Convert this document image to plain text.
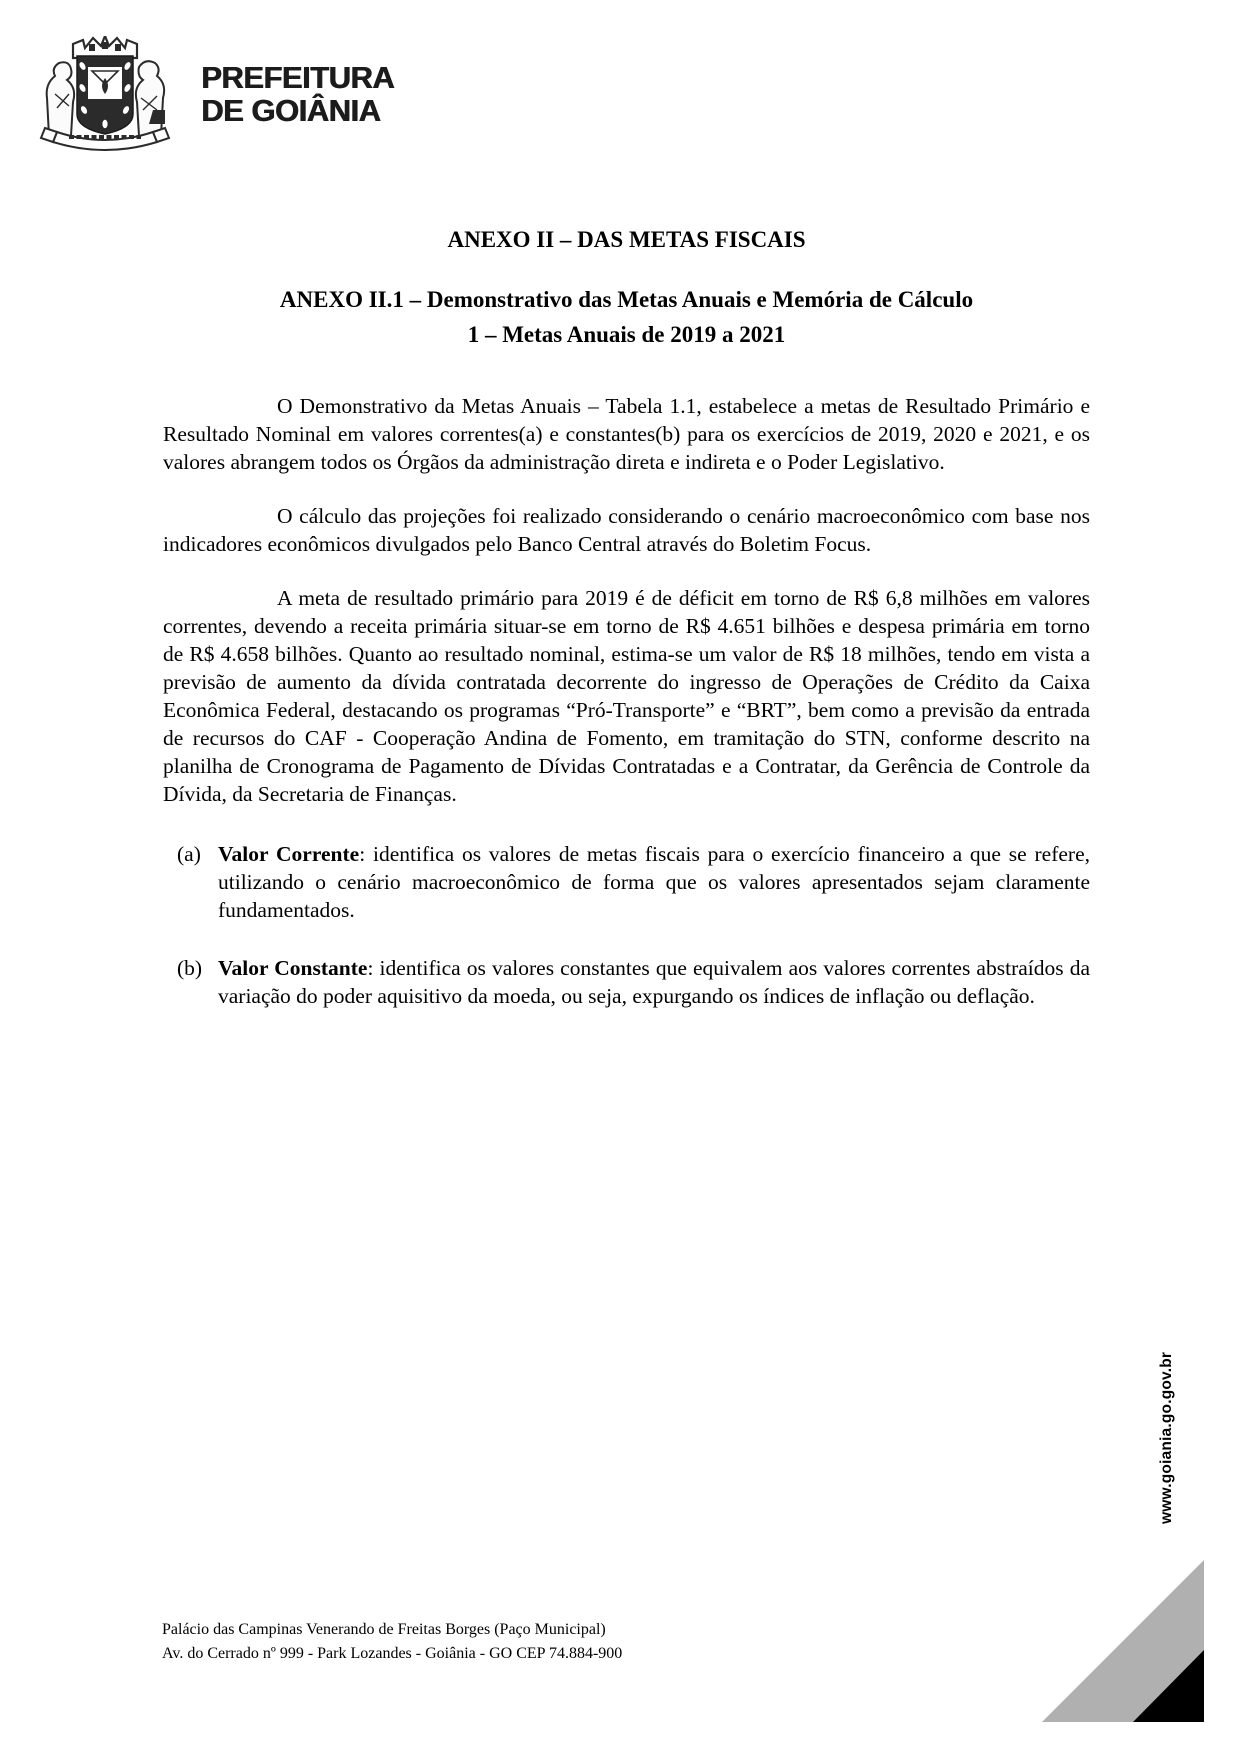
PREFEITURA
DE GOIÂNIA
ANEXO II – DAS METAS FISCAIS
ANEXO II.1 – Demonstrativo das Metas Anuais e Memória de Cálculo
1 – Metas Anuais de 2019 a 2021

O Demonstrativo da Metas Anuais – Tabela 1.1, estabelece a metas de Resultado Primário e Resultado Nominal em valores correntes(a) e constantes(b) para os exercícios de 2019, 2020 e 2021, e os valores abrangem todos os Órgãos da administração direta e indireta e o Poder Legislativo.

O cálculo das projeções foi realizado considerando o cenário macroeconômico com base nos indicadores econômicos divulgados pelo Banco Central através do Boletim Focus.

A meta de resultado primário para 2019 é de déficit em torno de R$ 6,8 milhões em valores correntes, devendo a receita primária situar-se em torno de R$ 4.651 bilhões e despesa primária em torno de R$ 4.658 bilhões. Quanto ao resultado nominal, estima-se um valor de R$ 18 milhões, tendo em vista a previsão de aumento da dívida contratada decorrente do ingresso de Operações de Crédito da Caixa Econômica Federal, destacando os programas “Pró-Transporte” e “BRT”, bem como a previsão da entrada de recursos do CAF - Cooperação Andina de Fomento, em tramitação do STN, conforme descrito na planilha de Cronograma de Pagamento de Dívidas Contratadas e a Contratar, da Gerência de Controle da Dívida, da Secretaria de Finanças.

(a) Valor Corrente: identifica os valores de metas fiscais para o exercício financeiro a que se refere, utilizando o cenário macroeconômico de forma que os valores apresentados sejam claramente fundamentados.
(b) Valor Constante: identifica os valores constantes que equivalem aos valores correntes abstraídos da variação do poder aquisitivo da moeda, ou seja, expurgando os índices de inflação ou deflação.
Palácio das Campinas Venerando de Freitas Borges (Paço Municipal)
Av. do Cerrado nº 999 - Park Lozandes - Goiânia - GO CEP 74.884-900
www.goiania.go.gov.br
